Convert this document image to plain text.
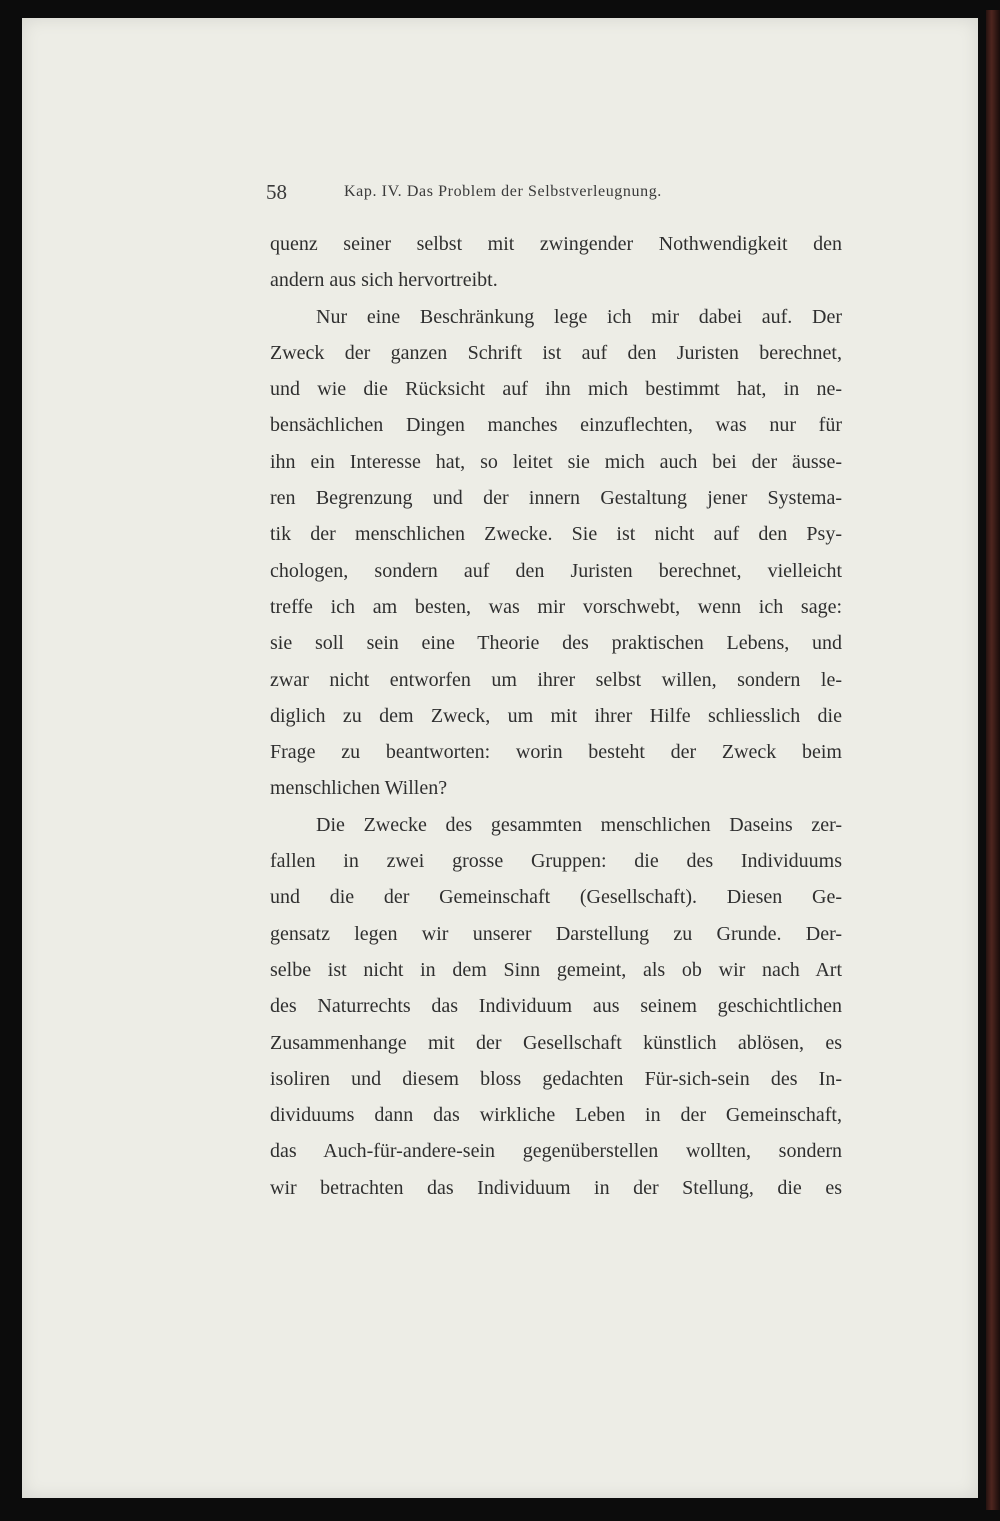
58	Kap. IV. Das Problem der Selbstverleugnung.
quenz seiner selbst mit zwingender Nothwendigkeit den
andern aus sich hervortreibt.
Nur eine Beschränkung lege ich mir dabei auf. Der
Zweck der ganzen Schrift ist auf den Juristen berechnet,
und wie die Rücksicht auf ihn mich bestimmt hat, in ne-
bensächlichen Dingen manches einzuflechten, was nur für
ihn ein Interesse hat, so leitet sie mich auch bei der äusse-
ren Begrenzung und der innern Gestaltung jener Systema-
tik der menschlichen Zwecke. Sie ist nicht auf den Psy-
chologen, sondern auf den Juristen berechnet, vielleicht
treffe ich am besten, was mir vorschwebt, wenn ich sage:
sie soll sein eine Theorie des praktischen Lebens, und
zwar nicht entworfen um ihrer selbst willen, sondern le-
diglich zu dem Zweck, um mit ihrer Hilfe schliesslich die
Frage zu beantworten: worin besteht der Zweck beim
menschlichen Willen?
Die Zwecke des gesammten menschlichen Daseins zer-
fallen in zwei grosse Gruppen: die des Individuums
und die der Gemeinschaft (Gesellschaft). Diesen Ge-
gensatz legen wir unserer Darstellung zu Grunde. Der-
selbe ist nicht in dem Sinn gemeint, als ob wir nach Art
des Naturrechts das Individuum aus seinem geschichtlichen
Zusammenhange mit der Gesellschaft künstlich ablösen, es
isoliren und diesem bloss gedachten Für-sich-sein des In-
dividuums dann das wirkliche Leben in der Gemeinschaft,
das Auch-für-andere-sein gegenüberstellen wollten, sondern
wir betrachten das Individuum in der Stellung, die es
